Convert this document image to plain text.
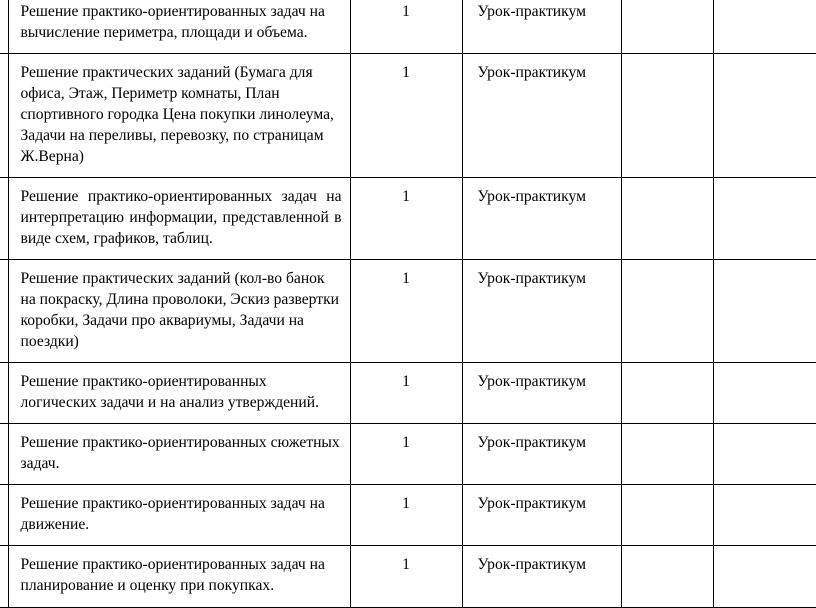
	Решение практико-ориентированных задач на вычисление периметра, площади и объема.	1	Урок-практикум		
	Решение практических заданий (Бумага для офиса, Этаж, Периметр комнаты, План спортивного городка Цена покупки линолеума, Задачи на переливы, перевозку, по страницам Ж.Верна)	1	Урок-практикум		
	Решение практико-ориентированных задач на интерпретацию информации, представленной в виде схем, графиков, таблиц.	1	Урок-практикум		
	Решение практических заданий (кол-во банок на покраску, Длина проволоки, Эскиз развертки коробки, Задачи про аквариумы, Задачи на поездки)	1	Урок-практикум		
	Решение практико-ориентированных логических задачи и на анализ утверждений.	1	Урок-практикум		
	Решение практико-ориентированных сюжетных задач.	1	Урок-практикум		
	Решение практико-ориентированных задач на движение.	1	Урок-практикум		
	Решение практико-ориентированных задач на планирование и оценку при покупках.	1	Урок-практикум		
